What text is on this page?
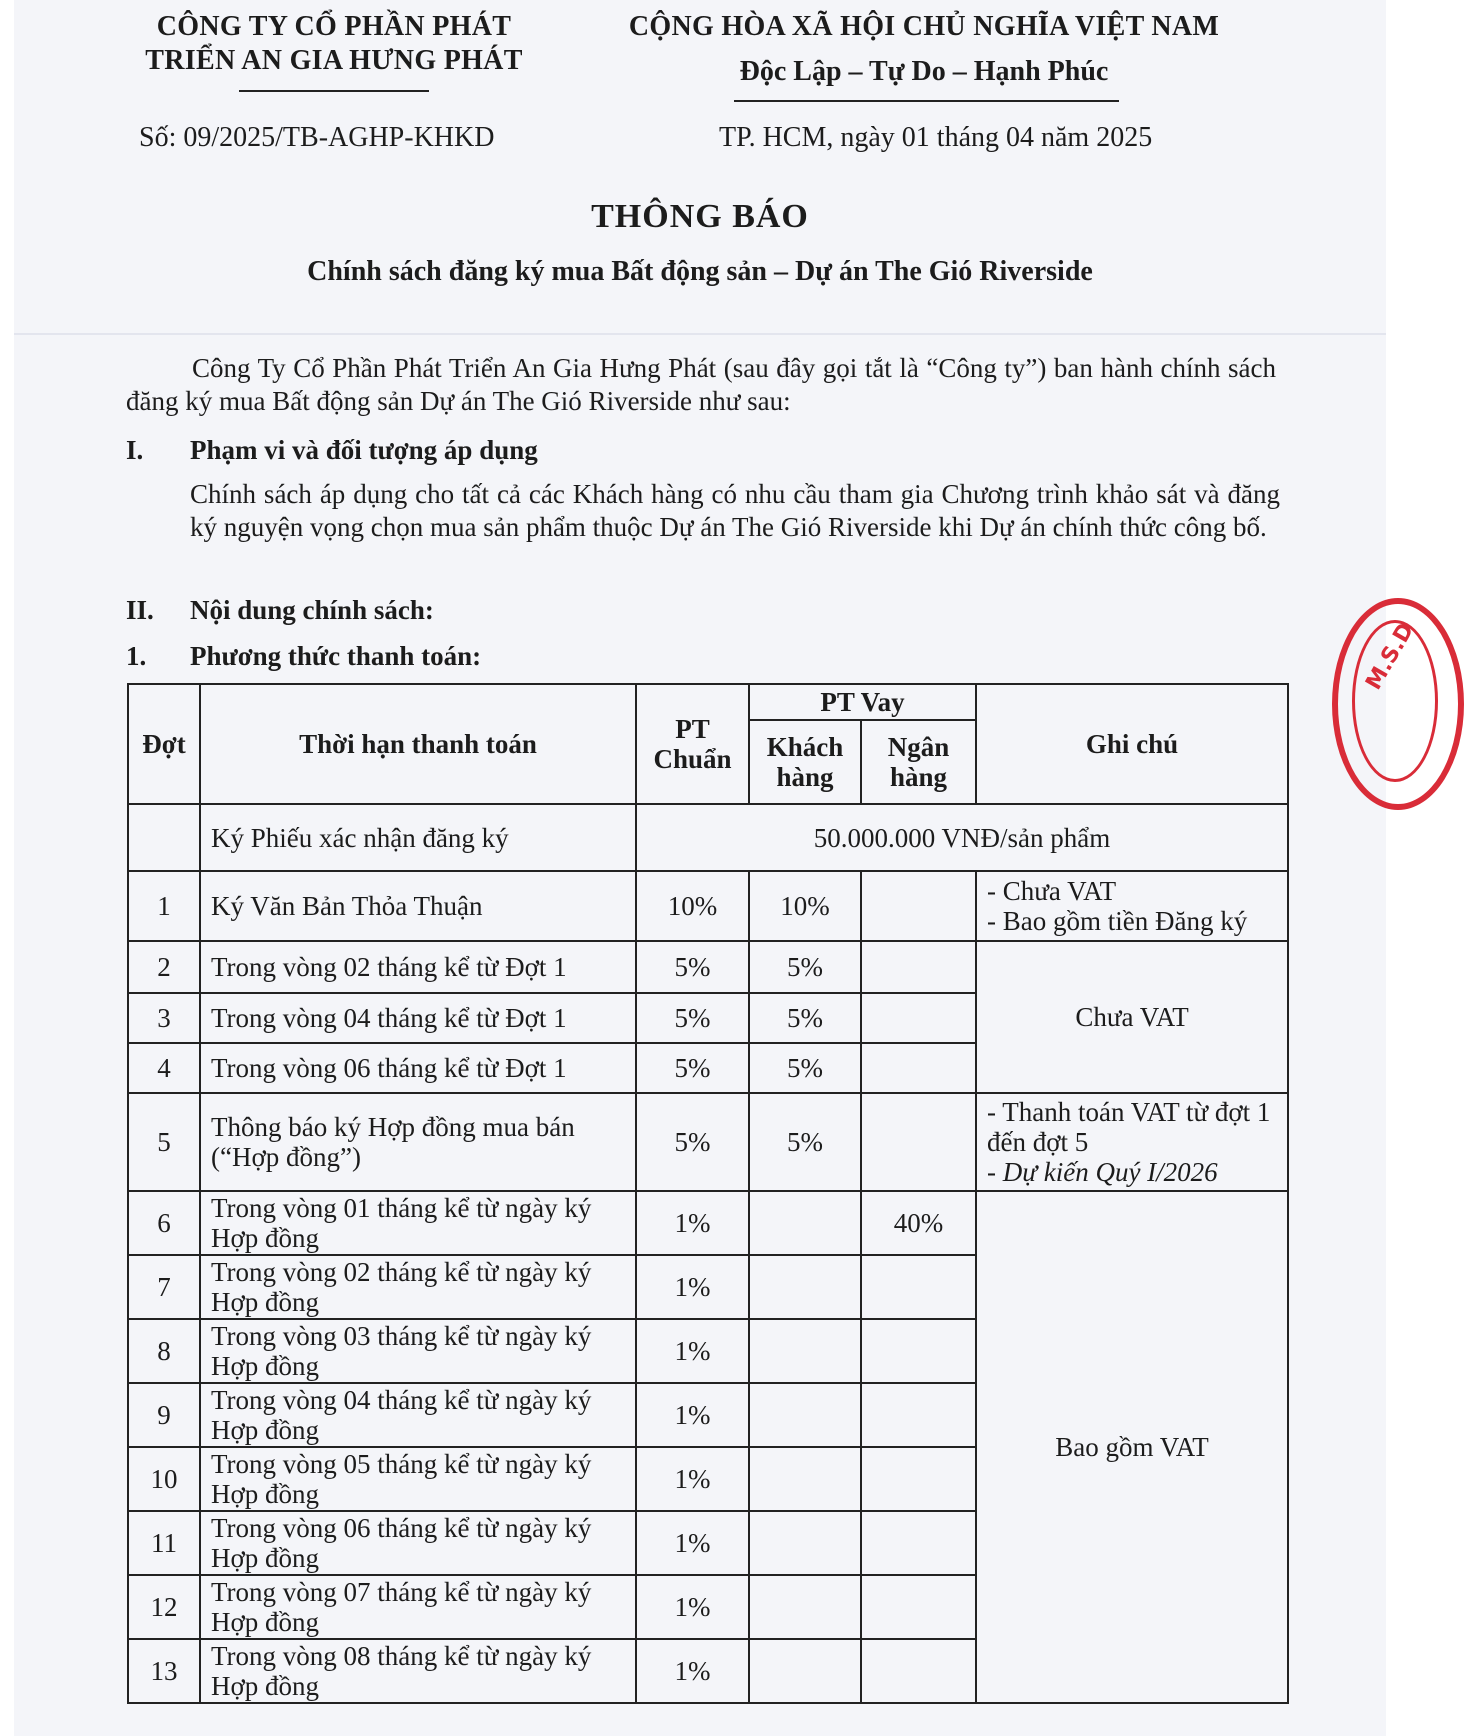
CÔNG TY CỔ PHẦN PHÁT
TRIỂN AN GIA HƯNG PHÁT
CỘNG HÒA XÃ HỘI CHỦ NGHĨA VIỆT NAM
Độc Lập – Tự Do – Hạnh Phúc
Số: 09/2025/TB-AGHP-KHKD	TP. HCM, ngày 01 tháng 04 năm 2025
THÔNG BÁO
Chính sách đăng ký mua Bất động sản – Dự án The Gió Riverside
Công Ty Cổ Phần Phát Triển An Gia Hưng Phát (sau đây gọi tắt là “Công ty”) ban hành chính sách đăng ký mua Bất động sản Dự án The Gió Riverside như sau:
I. Phạm vi và đối tượng áp dụng
Chính sách áp dụng cho tất cả các Khách hàng có nhu cầu tham gia Chương trình khảo sát và đăng ký nguyện vọng chọn mua sản phẩm thuộc Dự án The Gió Riverside khi Dự án chính thức công bố.
II. Nội dung chính sách:
1. Phương thức thanh toán:
Đợt	Thời hạn thanh toán	PT Chuẩn	PT Vay		Ghi chú
			Khách hàng	Ngân hàng	
	Ký Phiếu xác nhận đăng ký	50.000.000 VNĐ/sản phẩm			
1	Ký Văn Bản Thỏa Thuận	10%	10%		- Chưa VAT
- Bao gồm tiền Đăng ký

2	Trong vòng 02 tháng kể từ Đợt 1	5%	5%		Chưa VAT
3	Trong vòng 04 tháng kể từ Đợt 1	5%	5%		
4	Trong vòng 06 tháng kể từ Đợt 1	5%	5%		
5	Thông báo ký Hợp đồng mua bán (“Hợp đồng”)	5%	5%		- Thanh toán VAT từ đợt 1 đến đợt 5
- Dự kiến Quý I/2026

6	Trong vòng 01 tháng kể từ ngày ký Hợp đồng	1%		40%	Bao gồm VAT
7	Trong vòng 02 tháng kể từ ngày ký Hợp đồng	1%			
8	Trong vòng 03 tháng kể từ ngày ký Hợp đồng	1%			
9	Trong vòng 04 tháng kể từ ngày ký Hợp đồng	1%			
10	Trong vòng 05 tháng kể từ ngày ký Hợp đồng	1%			
11	Trong vòng 06 tháng kể từ ngày ký Hợp đồng	1%			
12	Trong vòng 07 tháng kể từ ngày ký Hợp đồng	1%			
13	Trong vòng 08 tháng kể từ ngày ký Hợp đồng	1%			
M.S.D
